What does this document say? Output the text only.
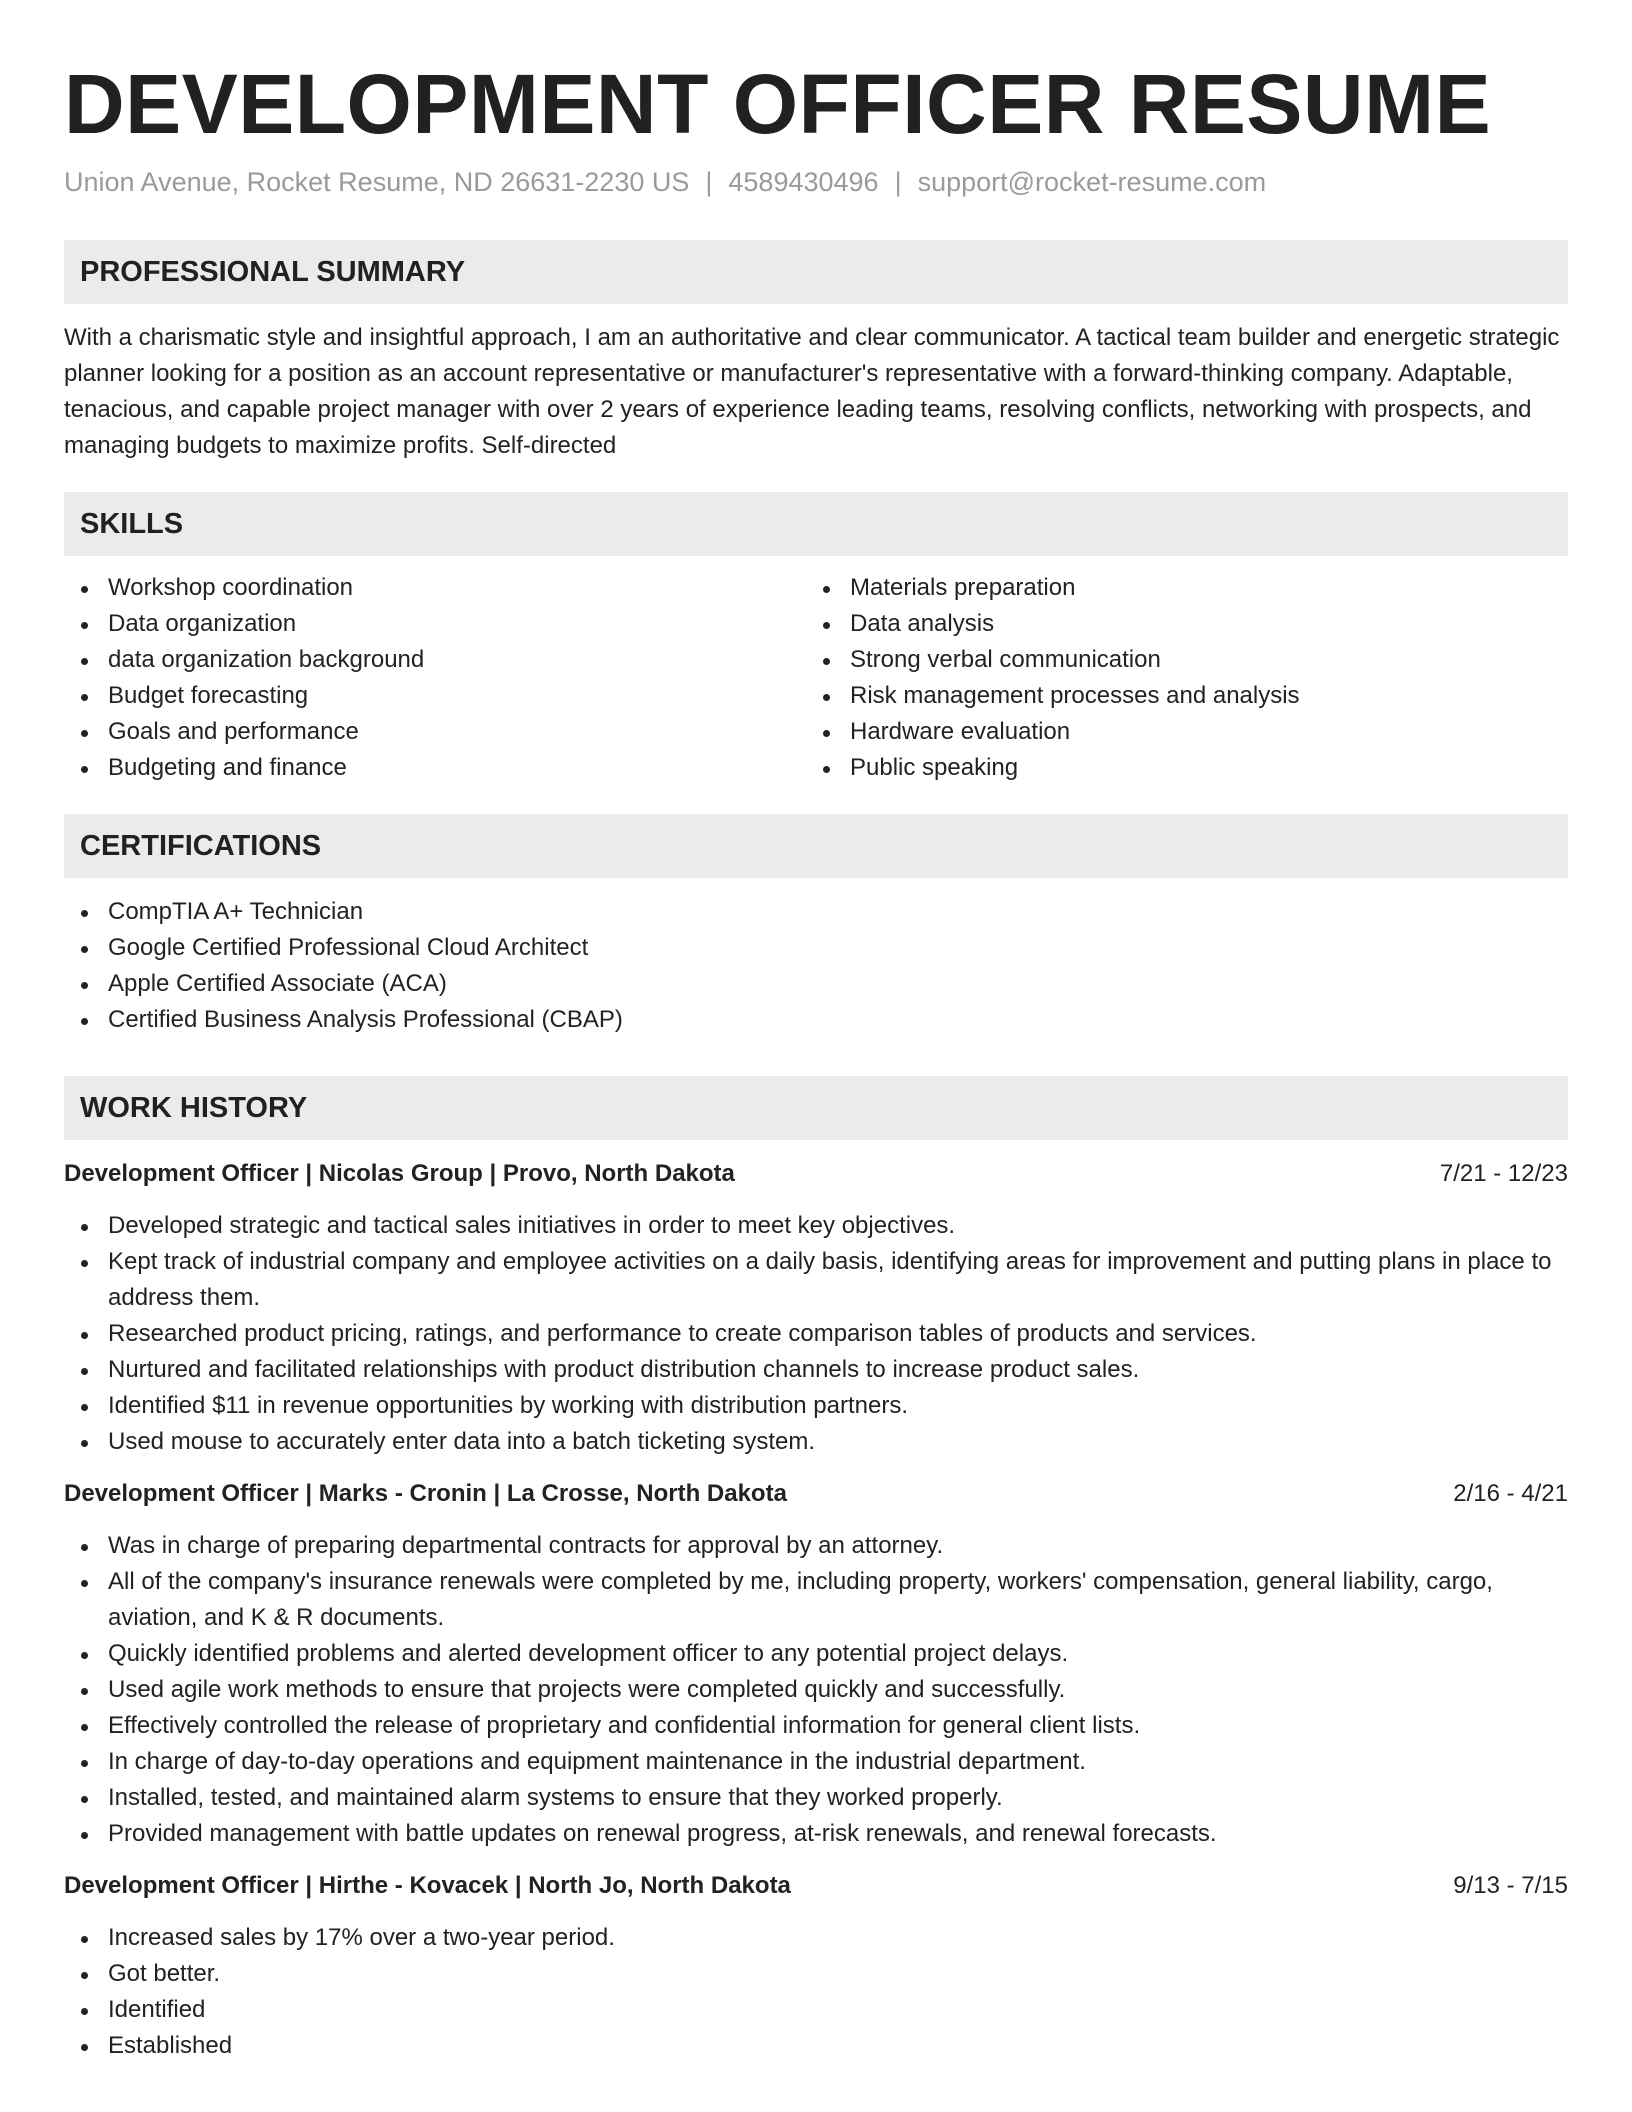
DEVELOPMENT OFFICER RESUME
Union Avenue, Rocket Resume, ND 26631-2230 US | 4589430496 | support@rocket-resume.com
PROFESSIONAL SUMMARY

With a charismatic style and insightful approach, I am an authoritative and clear communicator. A tactical team builder and energetic strategic planner looking for a position as an account representative or manufacturer's representative with a forward-thinking company. Adaptable, tenacious, and capable project manager with over 2 years of experience leading teams, resolving conflicts, networking with prospects, and managing budgets to maximize profits. Self-directed

SKILLS
Workshop coordination
Data organization
data organization background
Budget forecasting
Goals and performance
Budgeting and finance
Materials preparation
Data analysis
Strong verbal communication
Risk management processes and analysis
Hardware evaluation
Public speaking
CERTIFICATIONS
CompTIA A+ Technician
Google Certified Professional Cloud Architect
Apple Certified Associate (ACA)
Certified Business Analysis Professional (CBAP)
WORK HISTORY
Development Officer | Nicolas Group | Provo, North Dakota	7/21 - 12/23
Developed strategic and tactical sales initiatives in order to meet key objectives.
Kept track of industrial company and employee activities on a daily basis, identifying areas for improvement and putting plans in place to address them.
Researched product pricing, ratings, and performance to create comparison tables of products and services.
Nurtured and facilitated relationships with product distribution channels to increase product sales.
Identified $11 in revenue opportunities by working with distribution partners.
Used mouse to accurately enter data into a batch ticketing system.
Development Officer | Marks - Cronin | La Crosse, North Dakota	2/16 - 4/21
Was in charge of preparing departmental contracts for approval by an attorney.
All of the company's insurance renewals were completed by me, including property, workers' compensation, general liability, cargo, aviation, and K & R documents.
Quickly identified problems and alerted development officer to any potential project delays.
Used agile work methods to ensure that projects were completed quickly and successfully.
Effectively controlled the release of proprietary and confidential information for general client lists.
In charge of day-to-day operations and equipment maintenance in the industrial department.
Installed, tested, and maintained alarm systems to ensure that they worked properly.
Provided management with battle updates on renewal progress, at-risk renewals, and renewal forecasts.
Development Officer | Hirthe - Kovacek | North Jo, North Dakota	9/13 - 7/15
Increased sales by 17% over a two-year period.
Got better.
Identified
Established
